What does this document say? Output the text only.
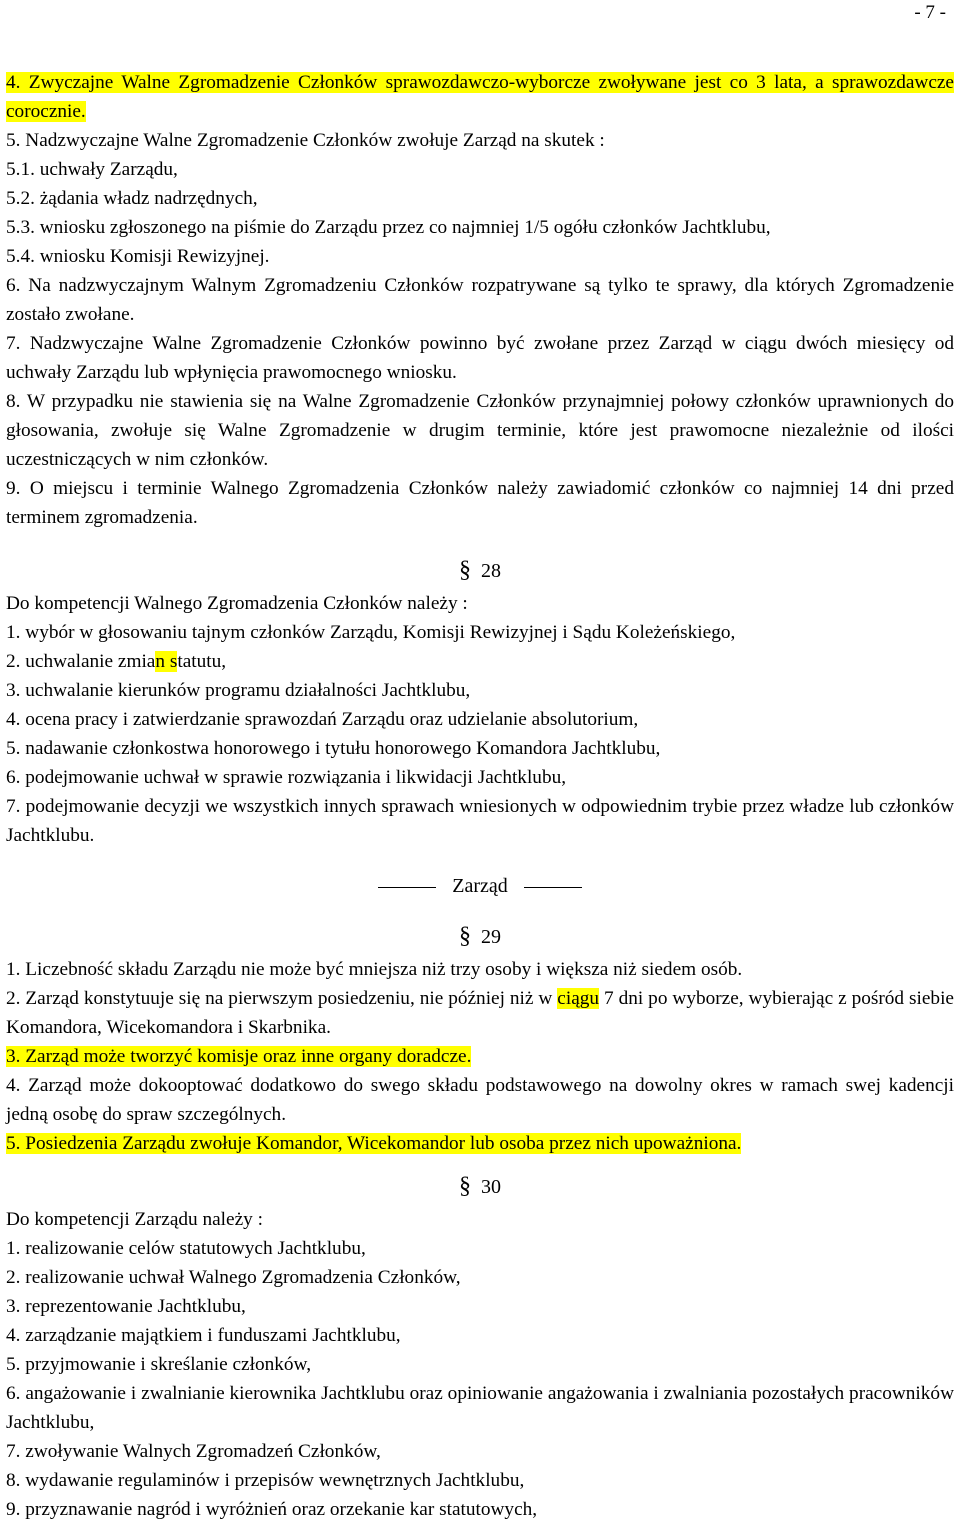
- 7 -

4. Zwyczajne Walne Zgromadzenie Członków sprawozdawczo-wyborcze zwoływane jest co 3 lata, a sprawozdawcze corocznie.

5. Nadzwyczajne Walne Zgromadzenie Członków zwołuje Zarząd na skutek :

5.1. uchwały Zarządu,

5.2. żądania władz nadrzędnych,

5.3. wniosku zgłoszonego na piśmie do Zarządu przez co najmniej 1/5 ogółu członków Jachtklubu,

5.4. wniosku Komisji Rewizyjnej.

6. Na nadzwyczajnym Walnym Zgromadzeniu Członków rozpatrywane są tylko te sprawy, dla których Zgromadzenie zostało zwołane.

7. Nadzwyczajne Walne Zgromadzenie Członków powinno być zwołane przez Zarząd w ciągu dwóch miesięcy od uchwały Zarządu lub wpłynięcia prawomocnego wniosku.

8. W przypadku nie stawienia się na Walne Zgromadzenie Członków przynajmniej połowy członków uprawnionych do głosowania, zwołuje się Walne Zgromadzenie w drugim terminie, które jest prawomocne niezależnie od ilości uczestniczących w nim członków.

9. O miejscu i terminie Walnego Zgromadzenia Członków należy zawiadomić członków co najmniej 14 dni przed terminem zgromadzenia.

§ 28

Do kompetencji Walnego Zgromadzenia Członków należy :

1. wybór w głosowaniu tajnym członków Zarządu, Komisji Rewizyjnej i Sądu Koleżeńskiego,

2. uchwalanie zmian statutu,

3. uchwalanie kierunków programu działalności Jachtklubu,

4. ocena pracy i zatwierdzanie sprawozdań Zarządu oraz udzielanie absolutorium,

5. nadawanie członkostwa honorowego i tytułu honorowego Komandora Jachtklubu,

6. podejmowanie uchwał w sprawie rozwiązania i likwidacji Jachtklubu,

7. podejmowanie decyzji we wszystkich innych sprawach wniesionych w odpowiednim trybie przez władze lub członków Jachtklubu.

Zarząd
§ 29

1. Liczebność składu Zarządu nie może być mniejsza niż trzy osoby i większa niż siedem osób.

2. Zarząd konstytuuje się na pierwszym posiedzeniu, nie później niż w ciągu 7 dni po wyborze, wybierając z pośród siebie Komandora, Wicekomandora i Skarbnika.

3. Zarząd może tworzyć komisje oraz inne organy doradcze.

4. Zarząd może dokooptować dodatkowo do swego składu podstawowego na dowolny okres w ramach swej kadencji jedną osobę do spraw szczególnych.

5. Posiedzenia Zarządu zwołuje Komandor, Wicekomandor lub osoba przez nich upoważniona.

§ 30

Do kompetencji Zarządu należy :

1. realizowanie celów statutowych Jachtklubu,

2. realizowanie uchwał Walnego Zgromadzenia Członków,

3. reprezentowanie Jachtklubu,

4. zarządzanie majątkiem i funduszami Jachtklubu,

5. przyjmowanie i skreślanie członków,

6. angażowanie i zwalnianie kierownika Jachtklubu oraz opiniowanie angażowania i zwalniania pozostałych pracowników Jachtklubu,

7. zwoływanie Walnych Zgromadzeń Członków,

8. wydawanie regulaminów i przepisów wewnętrznych Jachtklubu,

9. przyznawanie nagród i wyróżnień oraz orzekanie kar statutowych,
